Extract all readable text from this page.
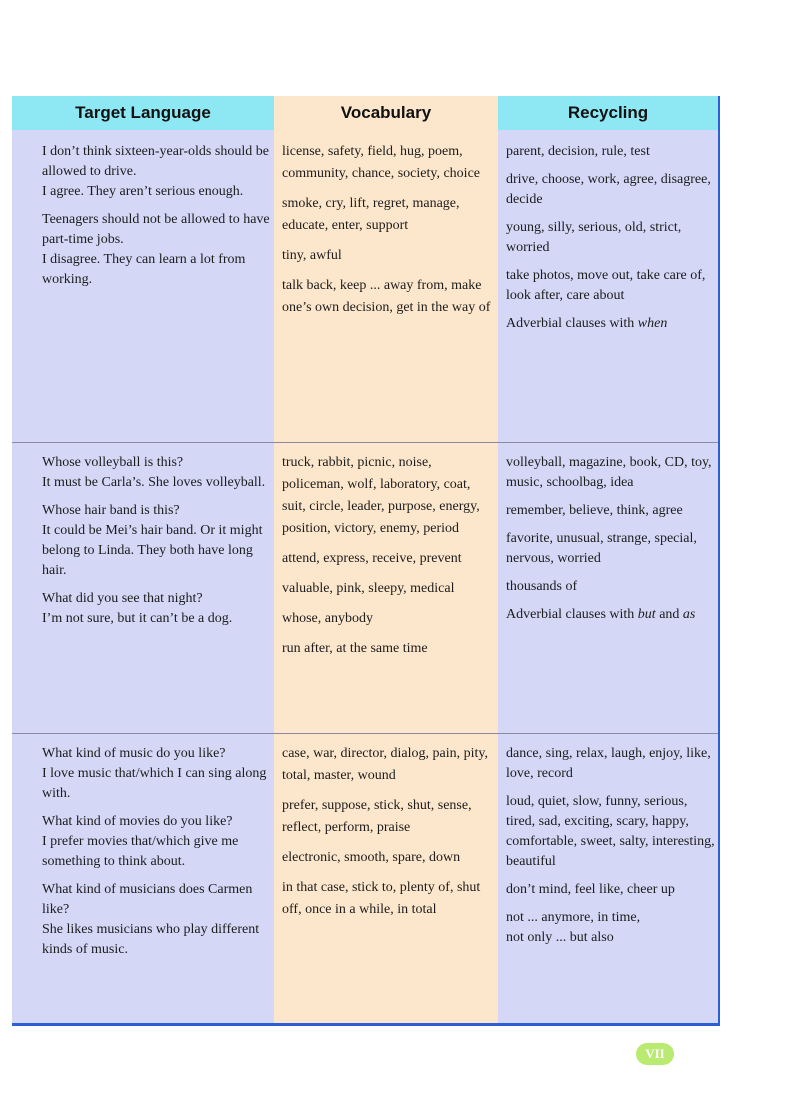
Target Language	Vocabulary	Recycling

I don’t think sixteen-year-olds should be allowed to drive.

I agree. They aren’t serious enough.

Teenagers should not be allowed to have part-time jobs.

I disagree. They can learn a lot from working.

license, safety, field, hug, poem, community, chance, society, choice

smoke, cry, lift, regret, manage, educate, enter, support

tiny, awful

talk back, keep ... away from, make one’s own decision, get in the way of

parent, decision, rule, test

drive, choose, work, agree, disagree, decide

young, silly, serious, old, strict, worried

take photos, move out, take care of, look after, care about

Adverbial clauses with when

Whose volleyball is this?

It must be Carla’s. She loves volleyball.

Whose hair band is this?

It could be Mei’s hair band. Or it might belong to Linda. They both have long hair.

What did you see that night?

I’m not sure, but it can’t be a dog.

truck, rabbit, picnic, noise, policeman, wolf, laboratory, coat, suit, circle, leader, purpose, energy, position, victory, enemy, period

attend, express, receive, prevent

valuable, pink, sleepy, medical

whose, anybody

run after, at the same time

volleyball, magazine, book, CD, toy, music, schoolbag, idea

remember, believe, think, agree

favorite, unusual, strange, special, nervous, worried

thousands of

Adverbial clauses with but and as

What kind of music do you like?

I love music that/which I can sing along with.

What kind of movies do you like?

I prefer movies that/which give me something to think about.

What kind of musicians does Carmen like?

She likes musicians who play different kinds of music.

case, war, director, dialog, pain, pity, total, master, wound

prefer, suppose, stick, shut, sense, reflect, perform, praise

electronic, smooth, spare, down

in that case, stick to, plenty of, shut off, once in a while, in total

dance, sing, relax, laugh, enjoy, like, love, record

loud, quiet, slow, funny, serious, tired, sad, exciting, scary, happy, comfortable, sweet, salty, interesting, beautiful

don’t mind, feel like, cheer up

not ... anymore, in time,

not only ... but also

VII
